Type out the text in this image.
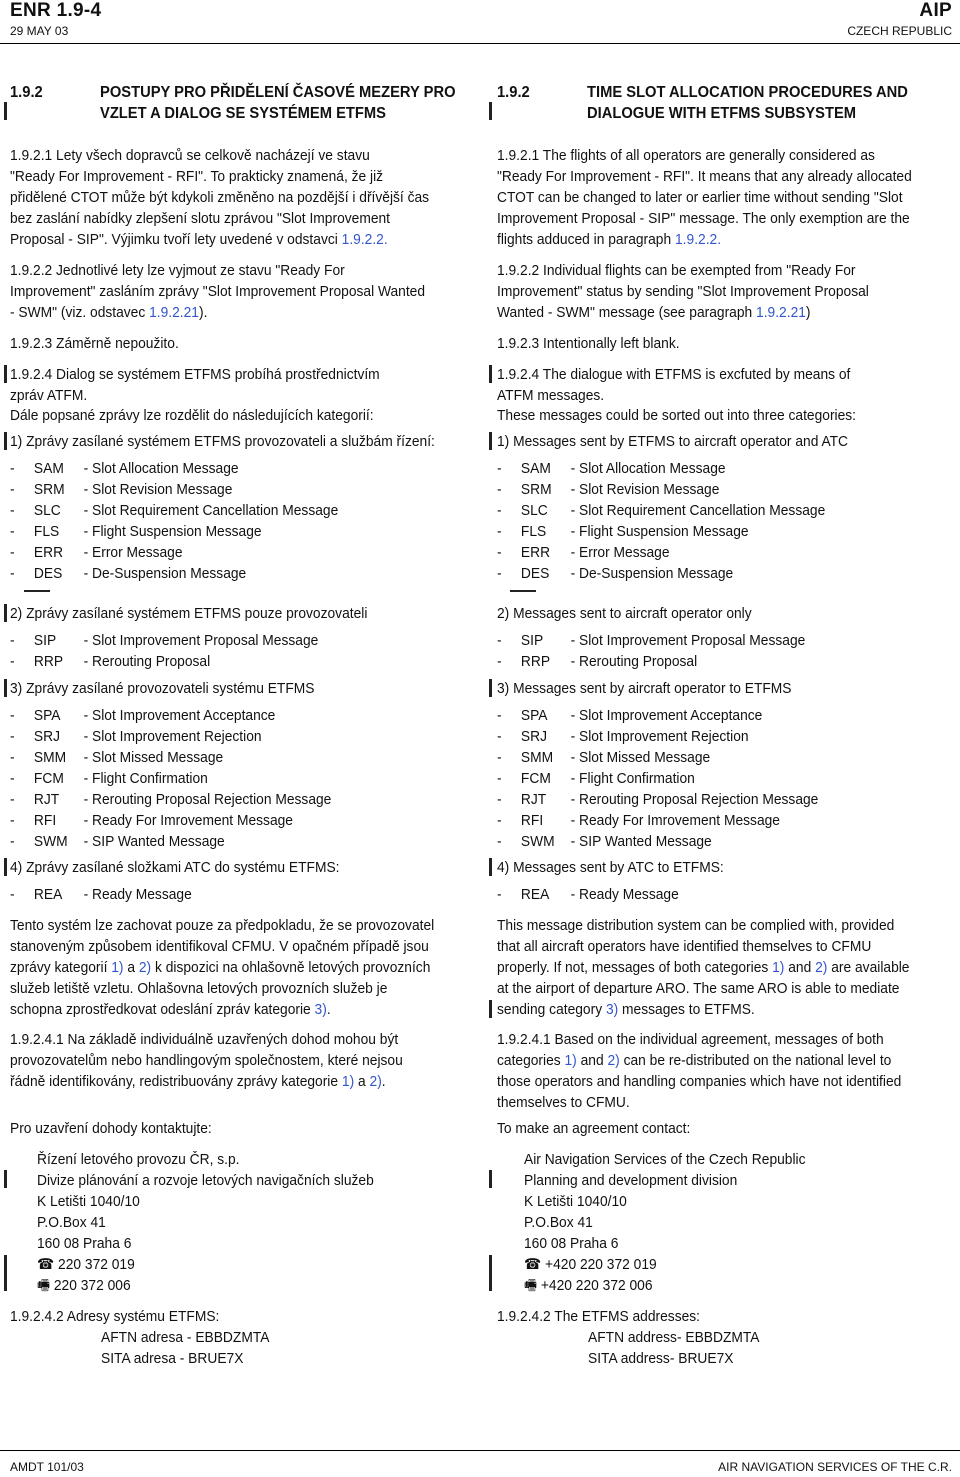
ENR 1.9-4
29 MAY 03
AIP
CZECH REPUBLIC
1.9.2	POSTUPY PRO PŘIDĚLENÍ ČASOVÉ MEZERY PRO
VZLET A DIALOG SE SYSTÉMEM ETFMS
1.9.2.1 Lety všech dopravců se celkově nacházejí ve stavu
"Ready For Improvement - RFI". To prakticky znamená, že již
přidělené CTOT může být kdykoli změněno na pozdější i dřívější čas
bez zaslání nabídky zlepšení slotu zprávou "Slot Improvement
Proposal - SIP". Výjimku tvoří lety uvedené v odstavci 1.9.2.2.
1.9.2.2 Jednotlivé lety lze vyjmout ze stavu "Ready For
Improvement" zasláním zprávy "Slot Improvement Proposal Wanted
- SWM" (viz. odstavec 1.9.2.21).
1.9.2.3 Záměrně nepoužito.
1.9.2.4 Dialog se systémem ETFMS probíhá prostřednictvím
zpráv ATFM.
Dále popsané zprávy lze rozdělit do následujících kategorií:
1) Zprávy zasílané systémem ETFMS provozovateli a službám řízení:
- SAM - Slot Allocation Message
- SRM - Slot Revision Message
- SLC - Slot Requirement Cancellation Message
- FLS - Flight Suspension Message
- ERR - Error Message
- DES - De-Suspension Message
2) Zprávy zasílané systémem ETFMS pouze provozovateli
- SIP - Slot Improvement Proposal Message
- RRP - Rerouting Proposal
3) Zprávy zasílané provozovateli systému ETFMS
- SPA - Slot Improvement Acceptance
- SRJ - Slot Improvement Rejection
- SMM - Slot Missed Message
- FCM - Flight Confirmation
- RJT - Rerouting Proposal Rejection Message
- RFI - Ready For Imrovement Message
- SWM - SIP Wanted Message
4) Zprávy zasílané složkami ATC do systému ETFMS:
- REA - Ready Message
Tento systém lze zachovat pouze za předpokladu, že se provozovatel
stanoveným způsobem identifikoval CFMU. V opačném případě jsou
zprávy kategorií 1) a 2) k dispozici na ohlašovně letových provozních
služeb letiště vzletu. Ohlašovna letových provozních služeb je
schopna zprostředkovat odeslání zpráv kategorie 3).
1.9.2.4.1 Na základě individuálně uzavřených dohod mohou být
provozovatelům nebo handlingovým společnostem, které nejsou
řádně identifikovány, redistribuovány zprávy kategorie 1) a 2).
Pro uzavření dohody kontaktujte:
Řízení letového provozu ČR, s.p.
Divize plánování a rozvoje letových navigačních služeb
K Letišti 1040/10
P.O.Box 41
160 08 Praha 6
☎ 220 372 019
🖷 220 372 006
1.9.2.4.2 Adresy systému ETFMS:
AFTN adresa - EBBDZMTA
SITA adresa - BRUE7X
1.9.2	TIME SLOT ALLOCATION PROCEDURES AND
DIALOGUE WITH ETFMS SUBSYSTEM
1.9.2.1 The flights of all operators are generally considered as
"Ready For Improvement - RFI". It means that any already allocated
CTOT can be changed to later or earlier time without sending "Slot
Improvement Proposal - SIP" message. The only exemption are the
flights adduced in paragraph 1.9.2.2.
1.9.2.2 Individual flights can be exempted from "Ready For
Improvement" status by sending "Slot Improvement Proposal
Wanted - SWM" message (see paragraph 1.9.2.21)
1.9.2.3 Intentionally left blank.
1.9.2.4 The dialogue with ETFMS is excfuted by means of
ATFM messages.
These messages could be sorted out into three categories:
1) Messages sent by ETFMS to aircraft operator and ATC
- SAM - Slot Allocation Message
- SRM - Slot Revision Message
- SLC - Slot Requirement Cancellation Message
- FLS - Flight Suspension Message
- ERR - Error Message
- DES - De-Suspension Message
2) Messages sent to aircraft operator only
- SIP - Slot Improvement Proposal Message
- RRP - Rerouting Proposal
3) Messages sent by aircraft operator to ETFMS
- SPA - Slot Improvement Acceptance
- SRJ - Slot Improvement Rejection
- SMM - Slot Missed Message
- FCM - Flight Confirmation
- RJT - Rerouting Proposal Rejection Message
- RFI - Ready For Imrovement Message
- SWM - SIP Wanted Message
4) Messages sent by ATC to ETFMS:
- REA - Ready Message
This message distribution system can be complied with, provided
that all aircraft operators have identified themselves to CFMU
properly. If not, messages of both categories 1) and 2) are available
at the airport of departure ARO. The same ARO is able to mediate
sending category 3) messages to ETFMS.
1.9.2.4.1 Based on the individual agreement, messages of both
categories 1) and 2) can be re-distributed on the national level to
those operators and handling companies which have not identified
themselves to CFMU.
To make an agreement contact:
Air Navigation Services of the Czech Republic
Planning and development division
K Letišti 1040/10
P.O.Box 41
160 08 Praha 6
☎ +420 220 372 019
🖷 +420 220 372 006
1.9.2.4.2 The ETFMS addresses:
AFTN address- EBBDZMTA
SITA address- BRUE7X
AMDT 101/03	AIR NAVIGATION SERVICES OF THE C.R.
